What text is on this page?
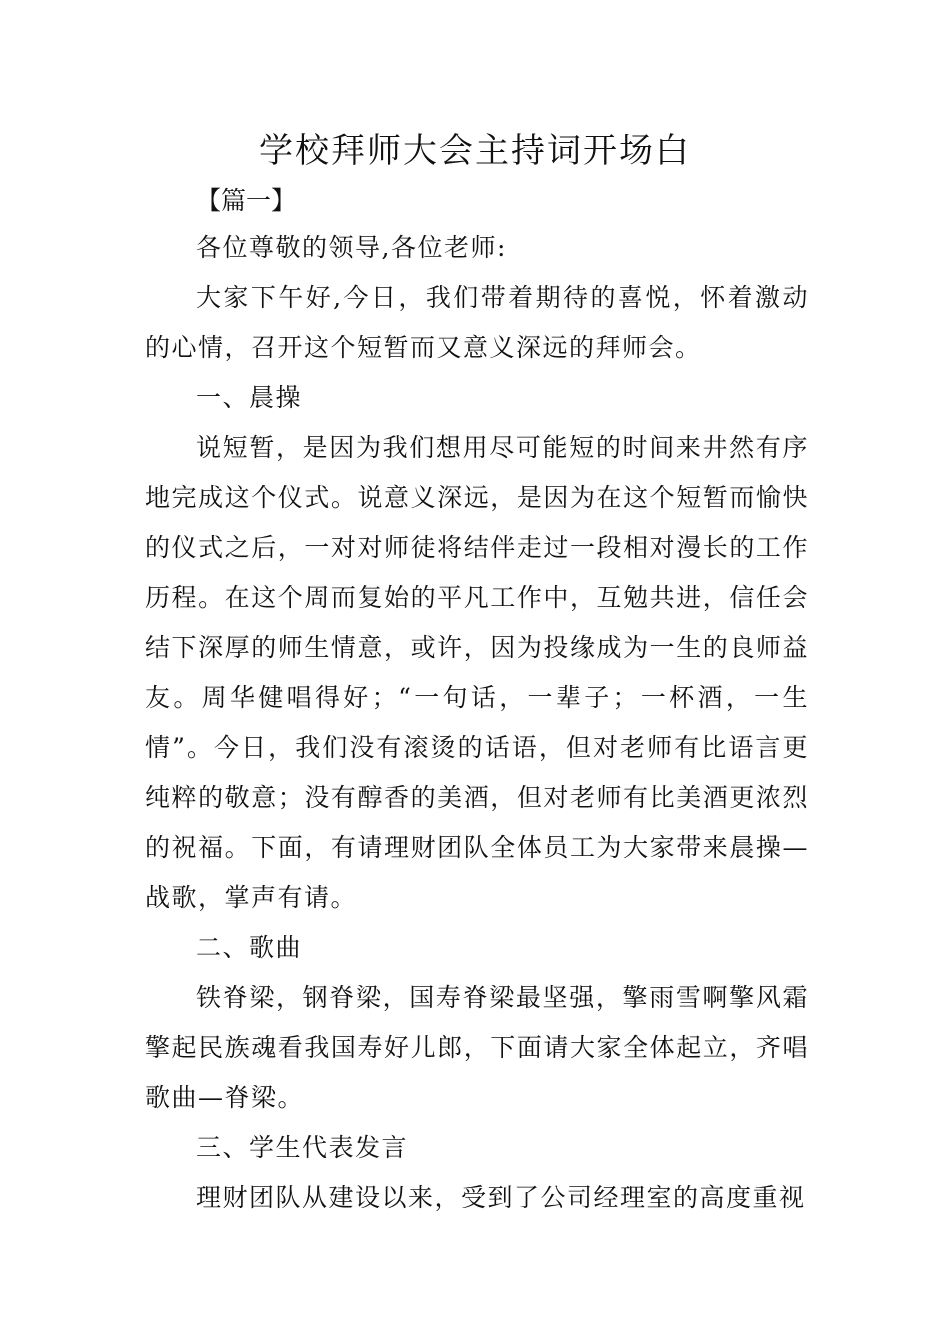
学校拜师大会主持词开场白

【篇一】

各位尊敬的领导,各位老师:

大家下午好,今日，我们带着期待的喜悦，怀着激动的心情，召开这个短暂而又意义深远的拜师会。

一、晨操

说短暂，是因为我们想用尽可能短的时间来井然有序地完成这个仪式。说意义深远，是因为在这个短暂而愉快的仪式之后，一对对师徒将结伴走过一段相对漫长的工作历程。在这个周而复始的平凡工作中，互勉共进，信任会结下深厚的师生情意，或许，因为投缘成为一生的良师益友。周华健唱得好；“一句话，一辈子；一杯酒，一生情”。今日，我们没有滚烫的话语，但对老师有比语言更纯粹的敬意；没有醇香的美酒，但对老师有比美酒更浓烈的祝福。下面，有请理财团队全体员工为大家带来晨操—战歌，掌声有请。

二、歌曲

铁脊梁，钢脊梁，国寿脊梁最坚强，擎雨雪啊擎风霜擎起民族魂看我国寿好儿郎，下面请大家全体起立，齐唱歌曲—脊梁。

三、学生代表发言

理财团队从建设以来，受到了公司经理室的高度重视
